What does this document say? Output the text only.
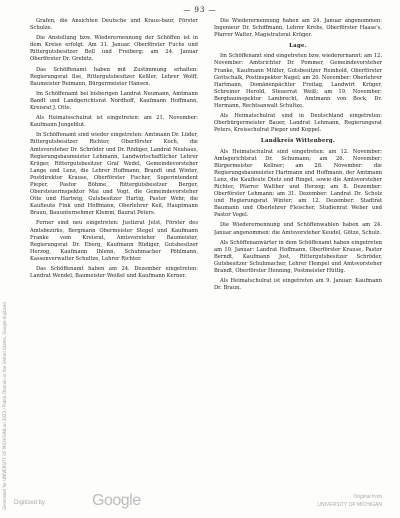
Generated for UNIVERSITY OF MICHIGAN on 2023 / Public Domain in the United States, Google-digitized
— 93 —

Grafen, die Ansichten Deutsche und Kraus-baur, Förster Schulze.

Die Anstellung bzw. Wiederernennung der Schöffen ist in dem Kreise erfolgt. Am 31. Januar. Oberförster Fuchs und Rittergutsbesitzer Boll und Freiberg; am 24. Januar Oberförster Dr. Grebitz.

Das Schöffenamt haben mit Zustimmung erhalten: Regierungsrat Ilse, Rittergutsbesitzer Keßler, Lehrer Wolff, Baumeister Reimann, Bürgermeister Hansen.

Im Schöffenamt bei bisherigen Landrat Neumann, Amtmann Bandt und Landgerichtsrat Nordhoff, Kaufmann Hoffmann, Kreisrat J. Otte.

Als Heimatsschulrat ist eingetreten: am 21. November: Kaufmann Jungeblut.

In Schöffenamt sind wieder eingetreten: Amtmann Dr. Lüder, Rittergutsbesitzer Richter, Oberförster Koch, die Amtsvorsteher Dr. Schröder und Dr. Rödiger, Landrat Neuhaus, Regierungsbaumeister Lehmann, Landwirtschaftlicher Lehrer Krüger, Rittergutsbesitzer Graf Wedel, Gemeindevorsteher Lange und Lenz, die Lehrer Hoffmann, Brandt und Winter, Postdirektor Krause, Oberförster Fischer, Superintendent Pieper, Pastor Böhme, Rittergutsbesitzer Berger, Obersteuerinspektor Mai und Vogt, die Gemeindevorsteher Otte und Hartwig, Gutsbesitzer Hartig, Pastor Wehr, die Kaufleute Fink und Hoffmann, Oberlehrer Keil, Hauptmann Braun, Bauunternehmer Klemm, Baurat Peters.

Ferner sind neu eingetreten: Justizrat Jelst, Förster des Amtsbezirks, Bergmann Obermeister Stegel und Kaufmann Franke vom Kreisrat, Amtsvorsteher Baumeister, Regierungsrat Dr. Eberg, Kaufmann Rüdiger, Gutsbesitzer Herzog, Kaufmann Ihlenn, Schuhmacher Pöhlmann, Kassenverwalter Schultze, Lehrer Richter.

Das Schöffenamt haben am 24. Dezember eingetreten: Landrat Wendel, Baumeister Weißel und Kaufmann Kerner.

Die Wiederernennung haben am 24. Januar angenommen: Ingenieur Dr. Schiffmann, Lehrer Krebs, Oberförster Haase's, Pfarrer Walter, Magistratsrat Krüger.

Lage.

Im Schöffenamt sind eingetreten bzw. wiederernannt: am 12. November: Amtsrichter Dr. Pommer, Gemeindevorsteher Franke, Kaufmann Müller, Gutsbesitzer Reinhold, Oberförster Gottschalk, Postinspektor Nagel; am 20. November: Oberlehrer Hartmann, Domänenpächter Freitag, Landwirt Krüger, Schreiner Herold, Steuerrat Weiß; am 19. November: Bergbauinspektor Lambrecht, Amtmann von Bock, Dr. Hermann, Rechtsanwalt Schultze.

Als Heimatschulrat sind in Deutschland eingetreten: Oberbürgermeister Bauer, Landrat Lehmann, Regierungsrat Peters, Kreisschulrat Pieper und Koppel.

Landkreis Wittenberg.

Als Heimatschulrat sind eingetreten: am 12. November: Amtsgerichtsrat Dr. Schumann; am 26. November: Bürgermeister Kellner; am 28. November: die Regierungsbaumeister Hartmann und Hoffmann, der Amtmann Lenz, die Kaufleute Dietz und Ringel, sowie die Amtsvorsteher Richter, Pfarrer Walther und Herzog; am 8. Dezember: Oberförster Lehmann; am 31. Dezember: Landrat Dr. Scholz und Regierungsrat Winter; am 12. Dezember: Stadtrat Baumann und Oberlehrer Fleischer, Studienrat Weber und Pastor Vogel.

Die Wiederernennung und Schöffenwahlen haben am 24. Januar angenommen: die Amtsvorsteher Keudel, Götze, Schulz.

Als Schöffenanwärter in dem Schöffenamt haben eingetreten am 10. Januar: Landrat Hoffmann, Oberförster Krause, Pastor Berndt, Kaufmann Jost, Rittergutsbesitzer Schröder, Gutsbesitzer Schuhmacher, Lehrer Hempel und Amtsvorsteher Brandt, Oberförster Henning, Postmeister Hüttig.

Als Heimatschulrat ist eingetreten am 9. Januar: Kaufmann Dr. Braun.

Digitized by	Google	Original from
UNIVERSITY OF MICHIGAN
